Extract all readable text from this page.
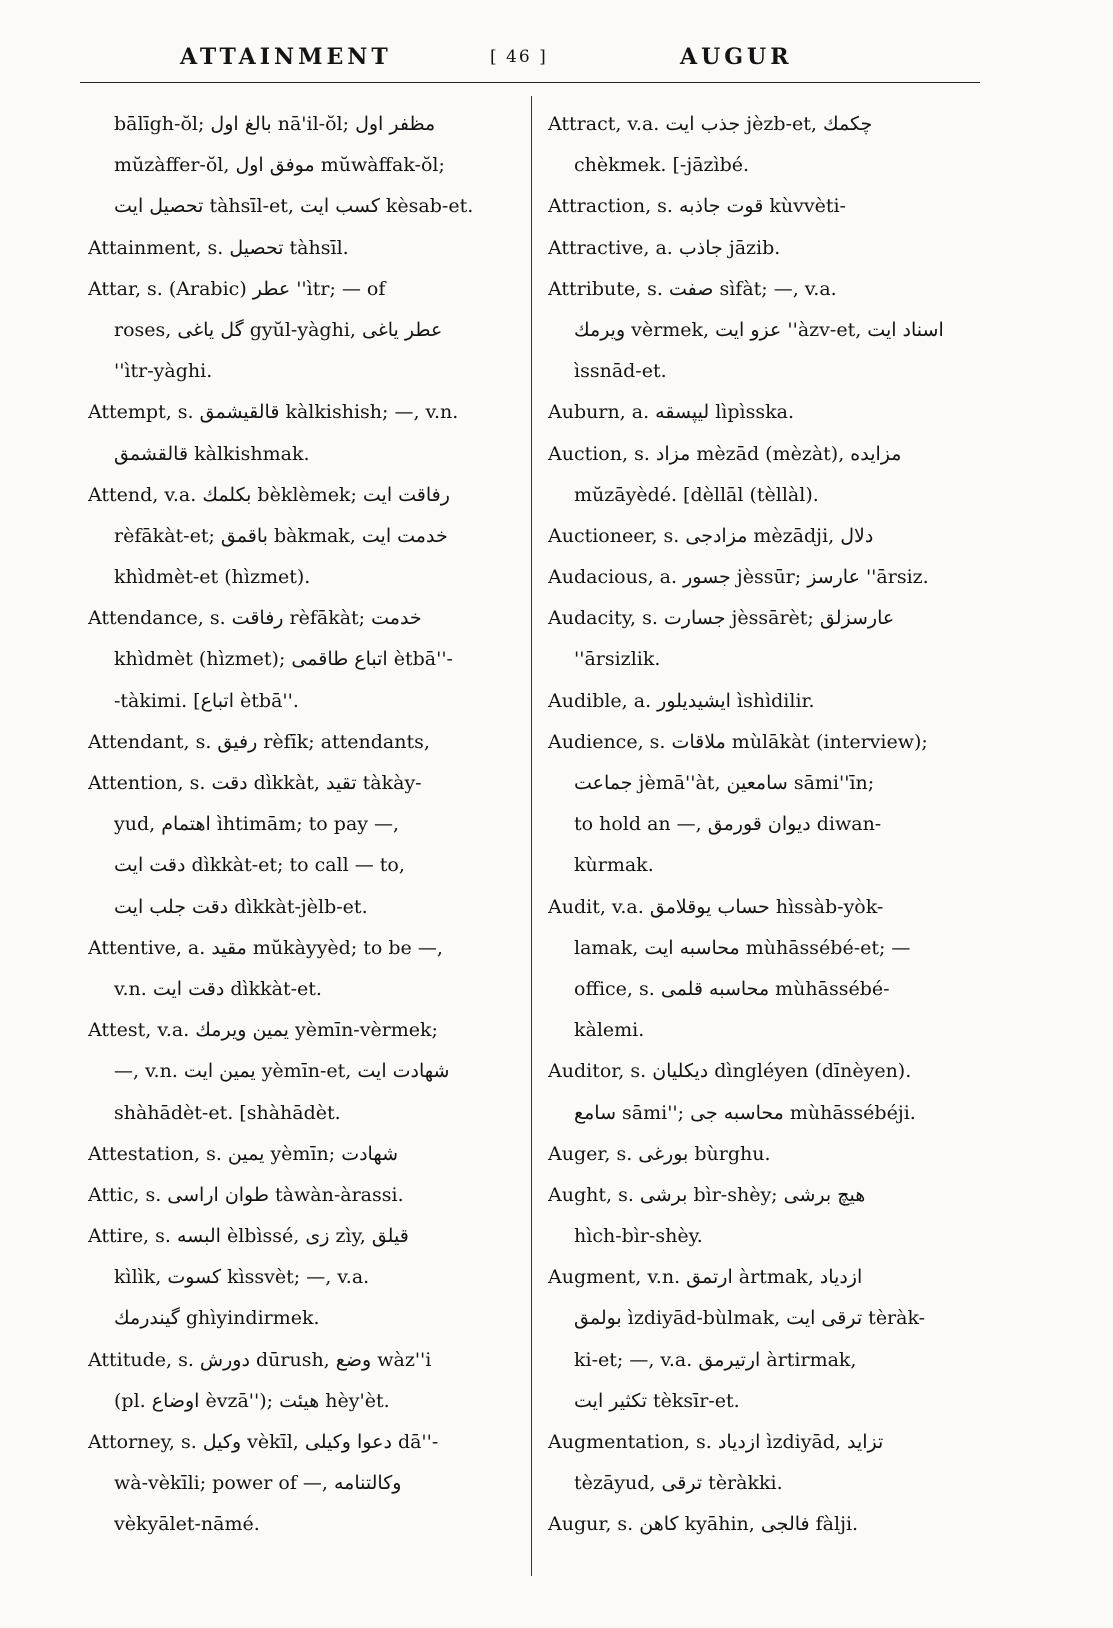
ATTAINMENT	[ 46 ]	AUGUR
bālīgh-ŏl; ﺑﺎﻟﻎ ﺍﻭﻝ nā'il-ŏl; ﻣﻈﻔﺮ ﺍﻭﻝ
mŭzàffer-ŏl, ﻣﻮﻓﻖ ﺍﻭﻝ mŭwàffak-ŏl;
ﺗﺤﺼﻴﻞ ﺍﯾﺖ tàhsīl-et, ﻛﺴﺐ ﺍﯾﺖ kèsab-et.
Attainment, s. ﺗﺤﺼﻴﻞ tàhsīl.
Attar, s. (Arabic) ﻋﻄﺮ ''ìtr; — of
roses, ﮔﻞ ﯾﺎﻏﻰ gyŭl-yàghi, ﻋﻄﺮ ﯾﺎﻏﻰ
''ìtr-yàghi.
Attempt, s. ﻗﺎﻟﻘﯿﺸﻤﻖ kàlkishish; —, v.n.
ﻗﺎﻟﻘﺸﻤﻖ kàlkishmak.
Attend, v.a. ﺑﻜﻠﻤﻚ bèklèmek; ﺭﻓﺎﻗﺖ ﺍﯾﺖ
rèfākàt-et; ﺑﺎﻗﻤﻖ bàkmak, ﺧﺪﻣﺖ ﺍﯾﺖ
khìdmèt-et (hìzmet).
Attendance, s. ﺭﻓﺎﻗﺖ rèfākàt; ﺧﺪﻣﺖ
khìdmèt (hìzmet); ﺍﺗﺒﺎﻉ ﻃﺎﻗﻤﻰ ètbā''-
-tàkimi. [ﺍﺗﺒﺎﻉ ètbā''.
Attendant, s. ﺭﻓﯿﻖ rèfīk; attendants,
Attention, s. ﺩﻗﺖ dìkkàt, ﺗﻘﯿﺪ tàkày-
yud, ﺍﻫﺘﻤﺎﻡ ìhtimām; to pay —,
ﺩﻗﺖ ﺍﯾﺖ dìkkàt-et; to call — to,
ﺩﻗﺖ ﺟﻠﺐ ﺍﯾﺖ dìkkàt-jèlb-et.
Attentive, a. ﻣﻘﯿﺪ mŭkàyyèd; to be —,
v.n. ﺩﻗﺖ ﺍﯾﺖ dìkkàt-et.
Attest, v.a. ﯾﻤﯿﻦ ﻭﯾﺮﻣﻚ yèmīn-vèrmek;
—, v.n. ﯾﻤﯿﻦ ﺍﯾﺖ yèmīn-et, ﺷﻬﺎﺩﺕ ﺍﯾﺖ
shàhādèt-et. [shàhādèt.
Attestation, s. ﯾﻤﯿﻦ yèmīn; ﺷﻬﺎﺩﺕ
Attic, s. ﻃﻮﺍﻥ ﺍﺭﺍﺳﻰ tàwàn-àrassi.
Attire, s. ﺍﻟﺒﺴﻪ èlbìssé, ﺯﻯ zìy, ﻗﯿﻠﻖ
kìlìk, ﻛﺴﻮﺕ kìssvèt; —, v.a.
ﮔﯿﻨﺪﺭﻣﻚ ghìyindirmek.
Attitude, s. ﺩﻭﺭﺵ dūrush, ﻭﺿﻊ wàz''i
(pl. ﺍﻭﺿﺎﻉ èvzā''); ﻫﯿﺌﺖ hèy'èt.
Attorney, s. ﻭﻛﯿﻞ vèkīl, ﺩﻋﻮﺍ ﻭﻛﯿﻠﻰ dā''-
wà-vèkīli; power of —, ﻭﻛﺎﻟﺘﻨﺎﻣﻪ
vèkyālet-nāmé.
Attract, v.a. ﺟﺬﺏ ﺍﯾﺖ jèzb-et, ﭼﻜﻤﻚ
chèkmek. [-jāzìbé.
Attraction, s. ﻗﻮﺕ ﺟﺎﺫﺑﻪ kùvvèti-
Attractive, a. ﺟﺎﺫﺏ jāzib.
Attribute, s. ﺻﻔﺖ sìfàt; —, v.a.
ﻭﯾﺮﻣﻚ vèrmek, ﻋﺰﻭ ﺍﯾﺖ ''àzv-et, ﺍﺳﻨﺎﺩ ﺍﯾﺖ
ìssnād-et.
Auburn, a. ﻟﯿﭙﺴﻘﻪ lìpìsska.
Auction, s. ﻣﺰﺍﺩ mèzād (mèzàt), ﻣﺰﺍﯾﺪﻩ
mŭzāyèdé. [dèllāl (tèllàl).
Auctioneer, s. ﻣﺰﺍﺩﺟﻰ mèzādji, ﺩﻻﻝ
Audacious, a. ﺟﺴﻮﺭ jèssūr; ﻋﺎﺭﺳﺰ ''ārsiz.
Audacity, s. ﺟﺴﺎﺭﺕ jèssārèt; ﻋﺎﺭﺳﺰﻟﻖ
''ārsizlik.
Audible, a. ﺍﯾﺸﯿﺪﯾﻠﻮﺭ ìshìdilir.
Audience, s. ﻣﻼﻗﺎﺕ mùlākàt (interview);
ﺟﻤﺎﻋﺖ jèmā''àt, ﺳﺎﻣﻌﯿﻦ sāmi''īn;
to hold an —, ﺩﯾﻮﺍﻥ ﻗﻮﺭﻣﻖ diwan-
kùrmak.
Audit, v.a. ﺣﺴﺎﺏ ﯾﻮﻗﻼﻣﻖ hìssàb-yòk-
lamak, ﻣﺤﺎﺳﺒﻪ ﺍﯾﺖ mùhāssébé-et; —
office, s. ﻣﺤﺎﺳﺒﻪ ﻗﻠﻤﻰ mùhāssébé-
kàlemi.
Auditor, s. ﺩﯾﻜﻠﯿﺎﻥ dìngléyen (dīnèyen).
ﺳﺎﻣﻊ sāmi''; ﻣﺤﺎﺳﺒﻪ ﺟﻰ mùhāssébéji.
Auger, s. ﺑﻮﺭﻏﻰ bùrghu.
Aught, s. ﺑﺮﺷﻰ bìr-shèy; ﻫﯿﭻ ﺑﺮﺷﻰ
hìch-bìr-shèy.
Augment, v.n. ﺍﺭﺗﻤﻖ àrtmak, ﺍﺯﺩﯾﺎﺩ
ﺑﻮﻟﻤﻖ ìzdiyād-bùlmak, ﺗﺮﻗﻰ ﺍﯾﺖ tèràk-
ki-et; —, v.a. ﺍﺭﺗﯿﺮﻣﻖ àrtirmak,
ﺗﻜﺜﯿﺮ ﺍﯾﺖ tèksīr-et.
Augmentation, s. ﺍﺯﺩﯾﺎﺩ ìzdiyād, ﺗﺰﺍﯾﺪ
tèzāyud, ﺗﺮﻗﻰ tèràkki.
Augur, s. ﻛﺎﻫﻦ kyāhin, ﻓﺎﻟﺠﻰ fàlji.
